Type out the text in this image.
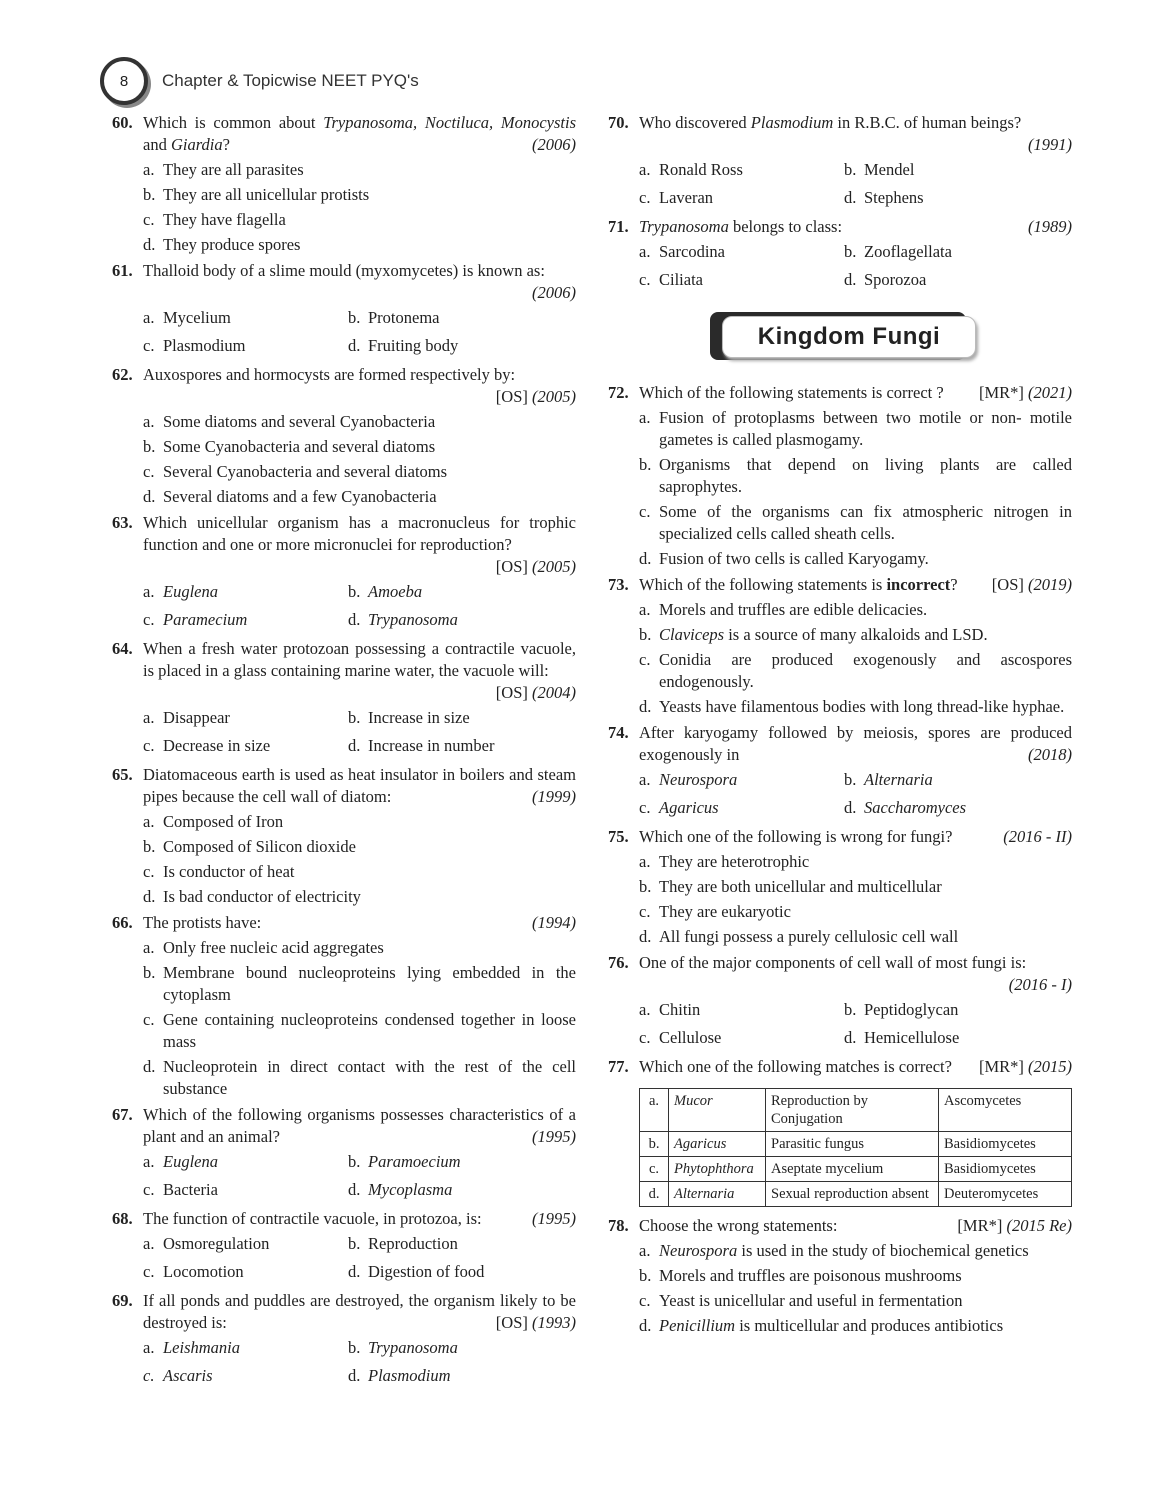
8	Chapter & Topicwise NEET PYQ's
60. Which is common about Trypanosoma, Noctiluca, Monocystis and Giardia?	(2006)
a. They are all parasites
b. They are all unicellular protists
c. They have flagella
d. They produce spores
61. Thalloid body of a slime mould (myxomycetes) is known as:
(2006)
a. Mycelium	b. Protonema
c. Plasmodium	d. Fruiting body
62. Auxospores and hormocysts are formed respectively by:
[OS] (2005)
a. Some diatoms and several Cyanobacteria
b. Some Cyanobacteria and several diatoms
c. Several Cyanobacteria and several diatoms
d. Several diatoms and a few Cyanobacteria
63. Which unicellular organism has a macronucleus for trophic function and one or more micronuclei for reproduction?
[OS] (2005)
a. Euglena	b. Amoeba
c. Paramecium	d. Trypanosoma
64. When a fresh water protozoan possessing a contractile vacuole, is placed in a glass containing marine water, the vacuole will:
[OS] (2004)
a. Disappear	b. Increase in size
c. Decrease in size	d. Increase in number
65. Diatomaceous earth is used as heat insulator in boilers and steam pipes because the cell wall of diatom:	(1999)
a. Composed of Iron
b. Composed of Silicon dioxide
c. Is conductor of heat
d. Is bad conductor of electricity
66. The protists have:	(1994)
a. Only free nucleic acid aggregates
b. Membrane bound nucleoproteins lying embedded in the cytoplasm
c. Gene containing nucleoproteins condensed together in loose mass
d. Nucleoprotein in direct contact with the rest of the cell substance
67. Which of the following organisms possesses characteristics of a plant and an animal?	(1995)
a. Euglena	b. Paramoecium
c. Bacteria	d. Mycoplasma
68. The function of contractile vacuole, in protozoa, is:	(1995)
a. Osmoregulation	b. Reproduction
c. Locomotion	d. Digestion of food
69. If all ponds and puddles are destroyed, the organism likely to be destroyed is:	[OS] (1993)
a. Leishmania	b. Trypanosoma
c. Ascaris	d. Plasmodium
70. Who discovered Plasmodium in R.B.C. of human beings?
(1991)
a. Ronald Ross	b. Mendel
c. Laveran	d. Stephens
71. Trypanosoma belongs to class:	(1989)
a. Sarcodina	b. Zooflagellata
c. Ciliata	d. Sporozoa
Kingdom Fungi
72. Which of the following statements is correct ?	[MR*] (2021)
a. Fusion of protoplasms between two motile or non- motile gametes is called plasmogamy.
b. Organisms that depend on living plants are called saprophytes.
c. Some of the organisms can fix atmospheric nitrogen in specialized cells called sheath cells.
d. Fusion of two cells is called Karyogamy.
73. Which of the following statements is incorrect?	[OS] (2019)
a. Morels and truffles are edible delicacies.
b. Claviceps is a source of many alkaloids and LSD.
c. Conidia are produced exogenously and ascospores endogenously.
d. Yeasts have filamentous bodies with long thread-like hyphae.
74. After karyogamy followed by meiosis, spores are produced exogenously in	(2018)
a. Neurospora	b. Alternaria
c. Agaricus	d. Saccharomyces
75. Which one of the following is wrong for fungi?	(2016 - II)
a. They are heterotrophic
b. They are both unicellular and multicellular
c. They are eukaryotic
d. All fungi possess a purely cellulosic cell wall
76. One of the major components of cell wall of most fungi is:
(2016 - I)
a. Chitin	b. Peptidoglycan
c. Cellulose	d. Hemicellulose
77. Which one of the following matches is correct?	[MR*] (2015)
a.	Mucor	Reproduction by Conjugation	Ascomycetes
b.	Agaricus	Parasitic fungus	Basidiomycetes
c.	Phytophthora	Aseptate mycelium	Basidiomycetes
d.	Alternaria	Sexual reproduction absent	Deuteromycetes
78. Choose the wrong statements:	[MR*] (2015 Re)
a. Neurospora is used in the study of biochemical genetics
b. Morels and truffles are poisonous mushrooms
c. Yeast is unicellular and useful in fermentation
d. Penicillium is multicellular and produces antibiotics
